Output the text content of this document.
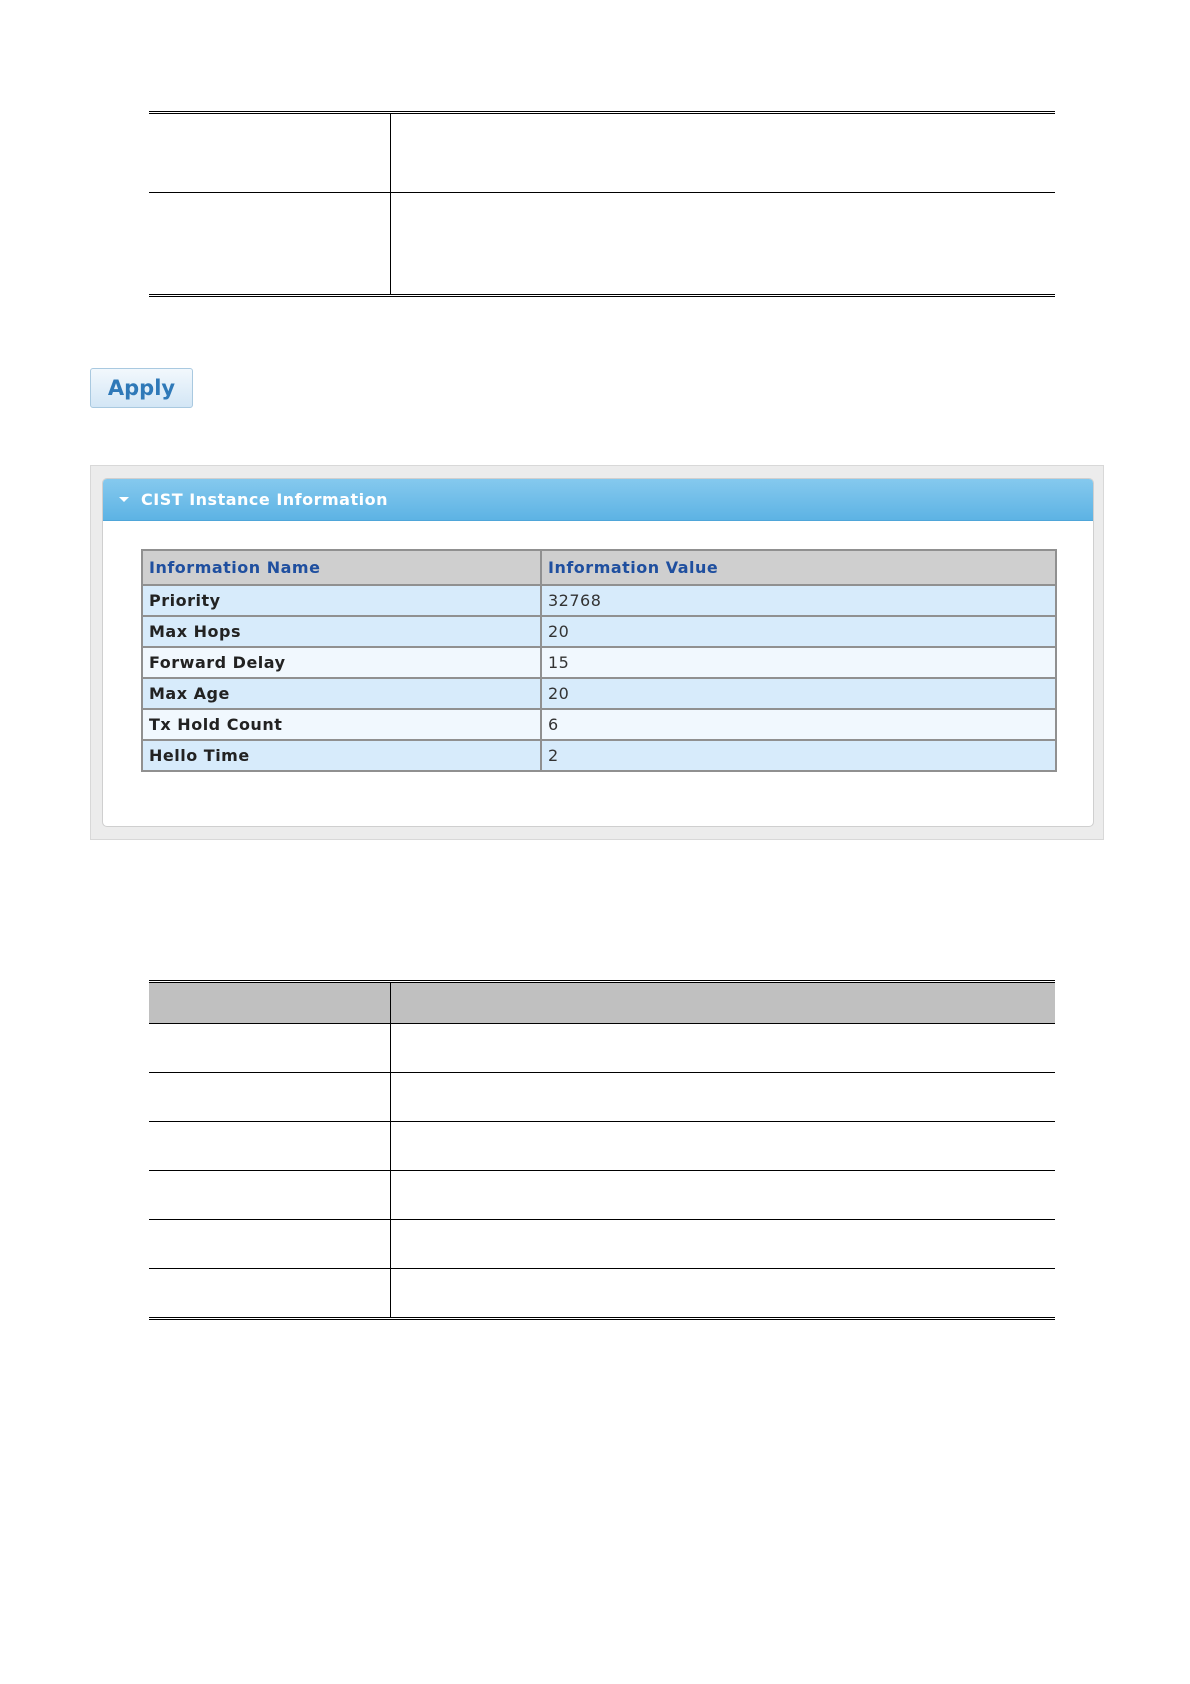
Apply
CIST Instance Information
Information Name	Information Value
Priority	32768
Max Hops	20
Forward Delay	15
Max Age	20
Tx Hold Count	6
Hello Time	2
